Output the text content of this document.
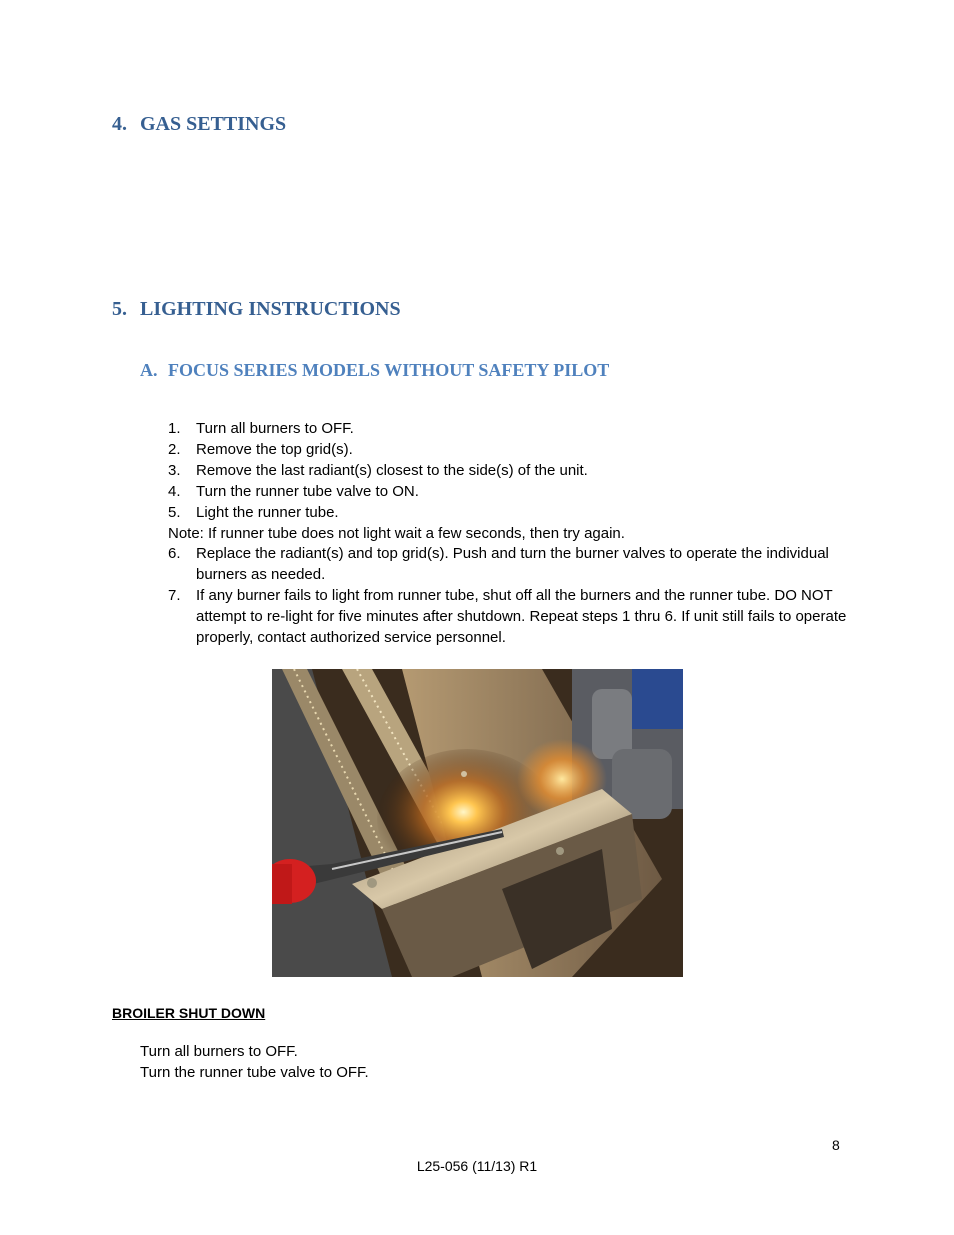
4. GAS SETTINGS
5. LIGHTING INSTRUCTIONS
A. FOCUS SERIES MODELS WITHOUT SAFETY PILOT
1.	Turn all burners to OFF.
2.	Remove the top grid(s).
3.	Remove the last radiant(s) closest to the side(s) of the unit.
4.	Turn the runner tube valve to ON.
5.	Light the runner tube.
Note: If runner tube does not light wait a few seconds, then try again.
6.	Replace the radiant(s) and top grid(s). Push and turn the burner valves to operate the individual burners as needed.
7.	If any burner fails to light from runner tube, shut off all the burners and the runner tube. DO NOT attempt to re-light for five minutes after shutdown. Repeat steps 1 thru 6. If unit still fails to operate properly, contact authorized service personnel.
BROILER SHUT DOWN
Turn all burners to OFF.
Turn the runner tube valve to OFF.
8
L25-056 (11/13) R1
